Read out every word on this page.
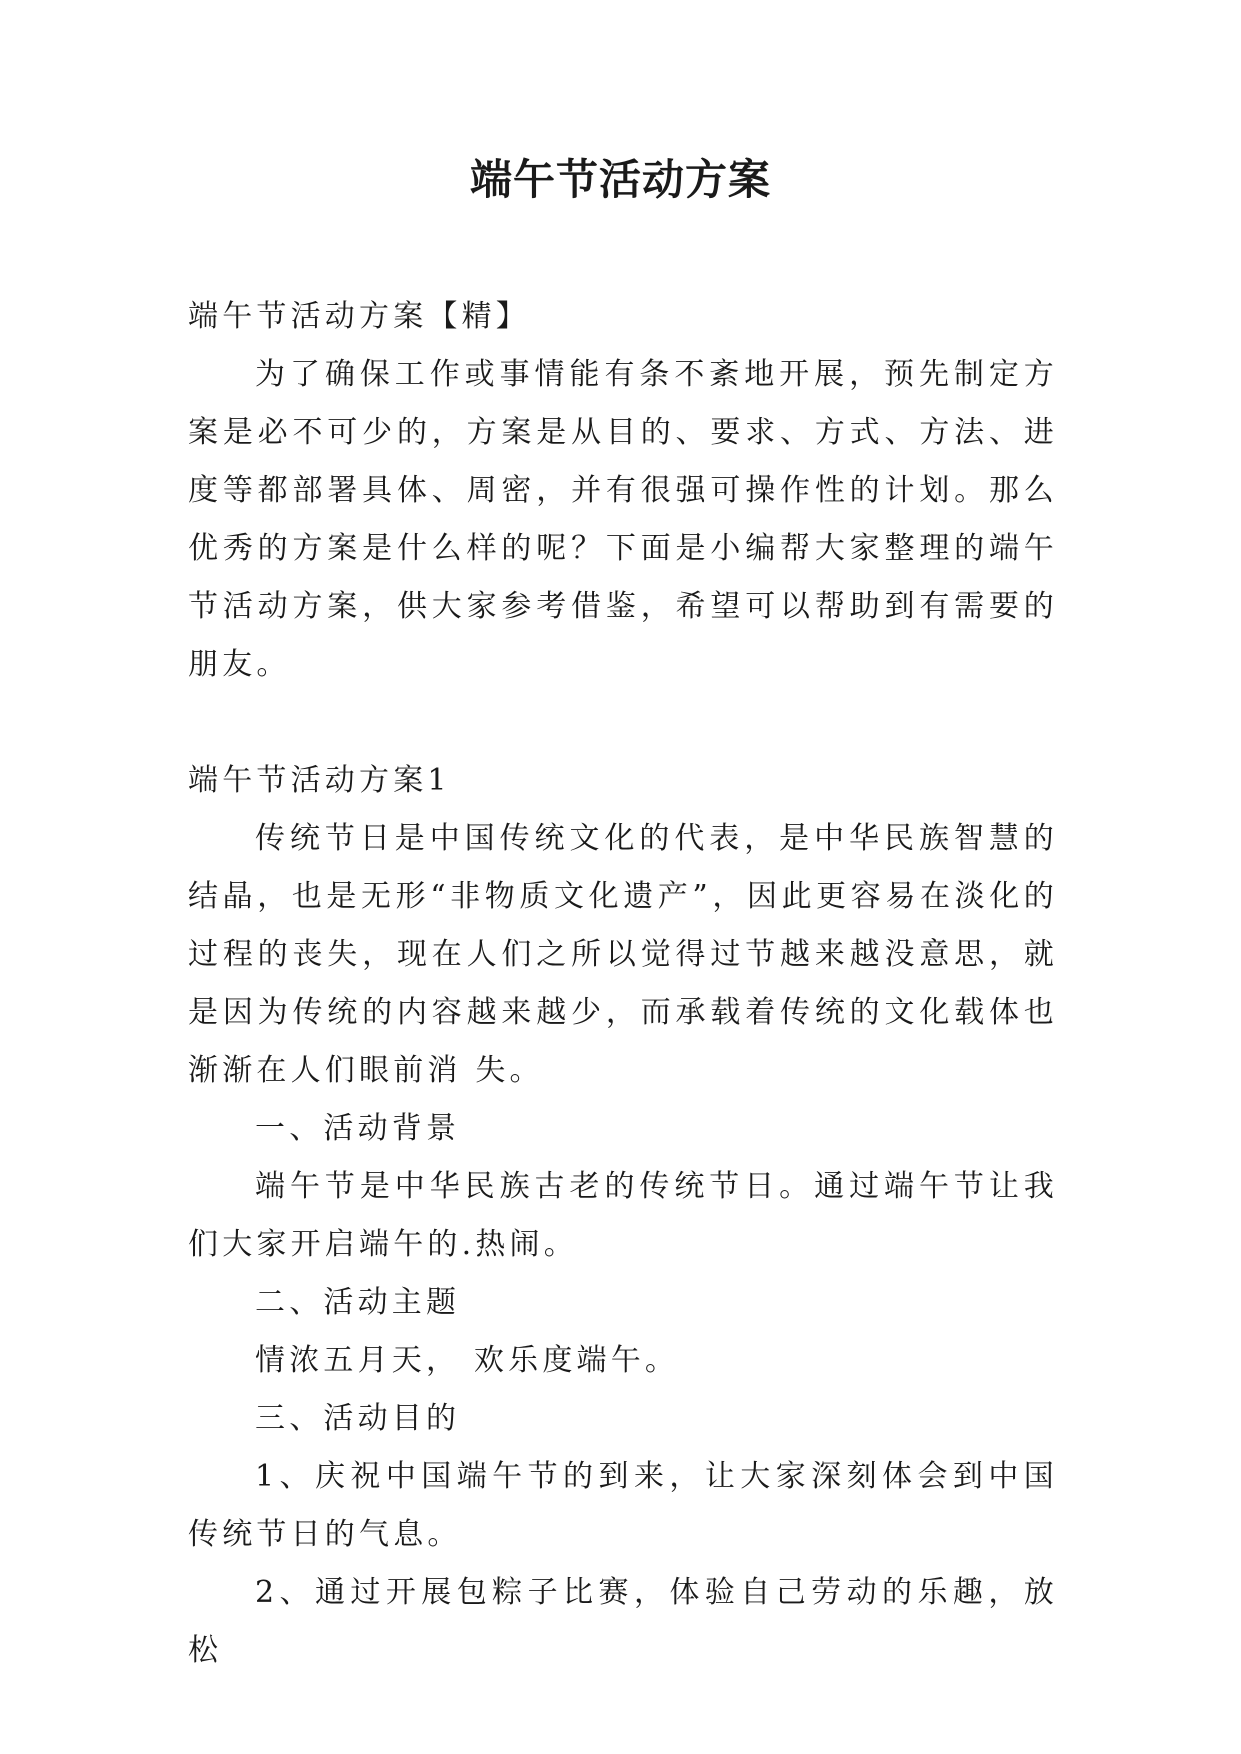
端午节活动方案

端午节活动方案【精】

为了确保工作或事情能有条不紊地开展，预先制定方案是必不可少的，方案是从目的、要求、方式、方法、进度等都部署具体、周密，并有很强可操作性的计划。那么优秀的方案是什么样的呢？下面是小编帮大家整理的端午节活动方案，供大家参考借鉴，希望可以帮助到有需要的朋友。

端午节活动方案1

传统节日是中国传统文化的代表，是中华民族智慧的结晶，也是无形“非物质文化遗产”，因此更容易在淡化的过程的丧失，现在人们之所以觉得过节越来越没意思，就是因为传统的内容越来越少，而承载着传统的文化载体也渐渐在人们眼前消 失。

一、活动背景

端午节是中华民族古老的传统节日。通过端午节让我们大家开启端午的.热闹。

二、活动主题

情浓五月天， 欢乐度端午。

三、活动目的

1、庆祝中国端午节的到来，让大家深刻体会到中国传统节日的气息。

2、通过开展包粽子比赛，体验自己劳动的乐趣，放松
